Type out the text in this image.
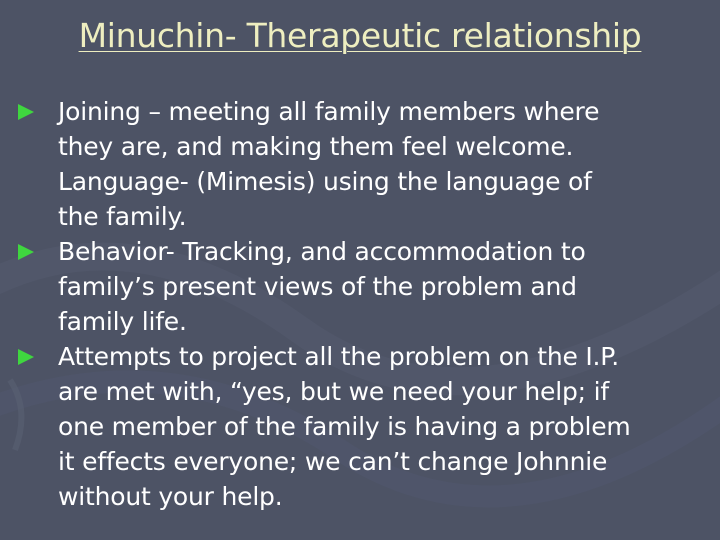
Minuchin- Therapeutic relationship
Joining – meeting all family members where
they are, and making them feel welcome.
Language- (Mimesis) using the language of
the family.
Behavior- Tracking, and accommodation to
family’s present views of the problem and
family life.
Attempts to project all the problem on the I.P.
are met with, “yes, but we need your help; if
one member of the family is having a problem
it effects everyone; we can’t change Johnnie
without your help.
